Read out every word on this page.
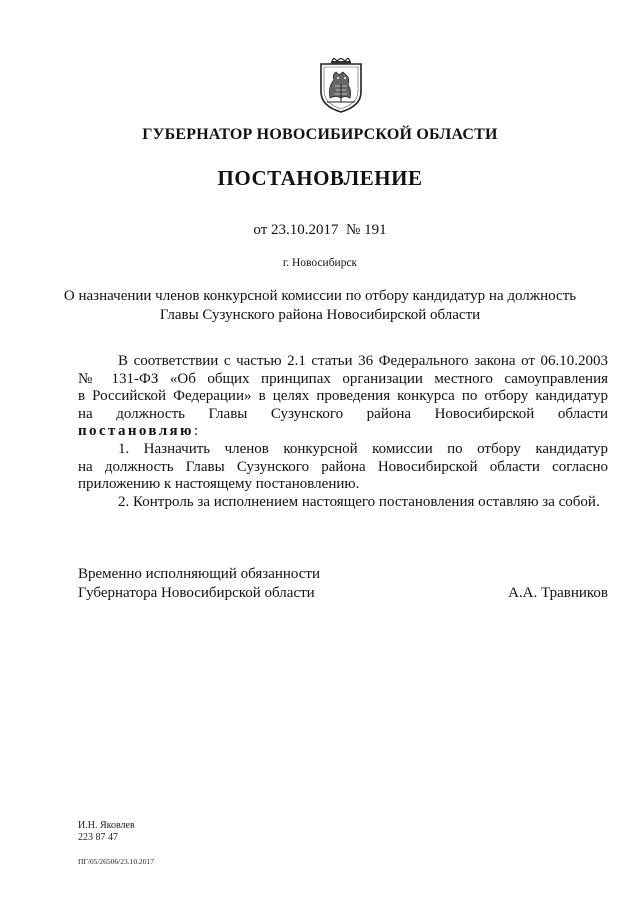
ГУБЕРНАТОР НОВОСИБИРСКОЙ ОБЛАСТИ

ПОСТАНОВЛЕНИЕ

от 23.10.2017 № 191

г. Новосибирск

О назначении членов конкурсной комиссии по отбору кандидатур на должность
Главы Сузунского района Новосибирской области

В соответствии с частью 2.1 статьи 36 Федерального закона от 06.10.2003

№ 131-ФЗ «Об общих принципах организации местного самоуправления

в Российской Федерации» в целях проведения конкурса по отбору кандидатур

на должность Главы Сузунского района Новосибирской области

постановляю:

1. Назначить членов конкурсной комиссии по отбору кандидатур

на должность Главы Сузунского района Новосибирской области согласно

приложению к настоящему постановлению.

2. Контроль за исполнением настоящего постановления оставляю за собой.

Временно исполняющий обязанности
Губернатора Новосибирской области	А.А. Травников
И.Н. Яковлев
223 87 47
ПГ/05/26506/23.10.2017
